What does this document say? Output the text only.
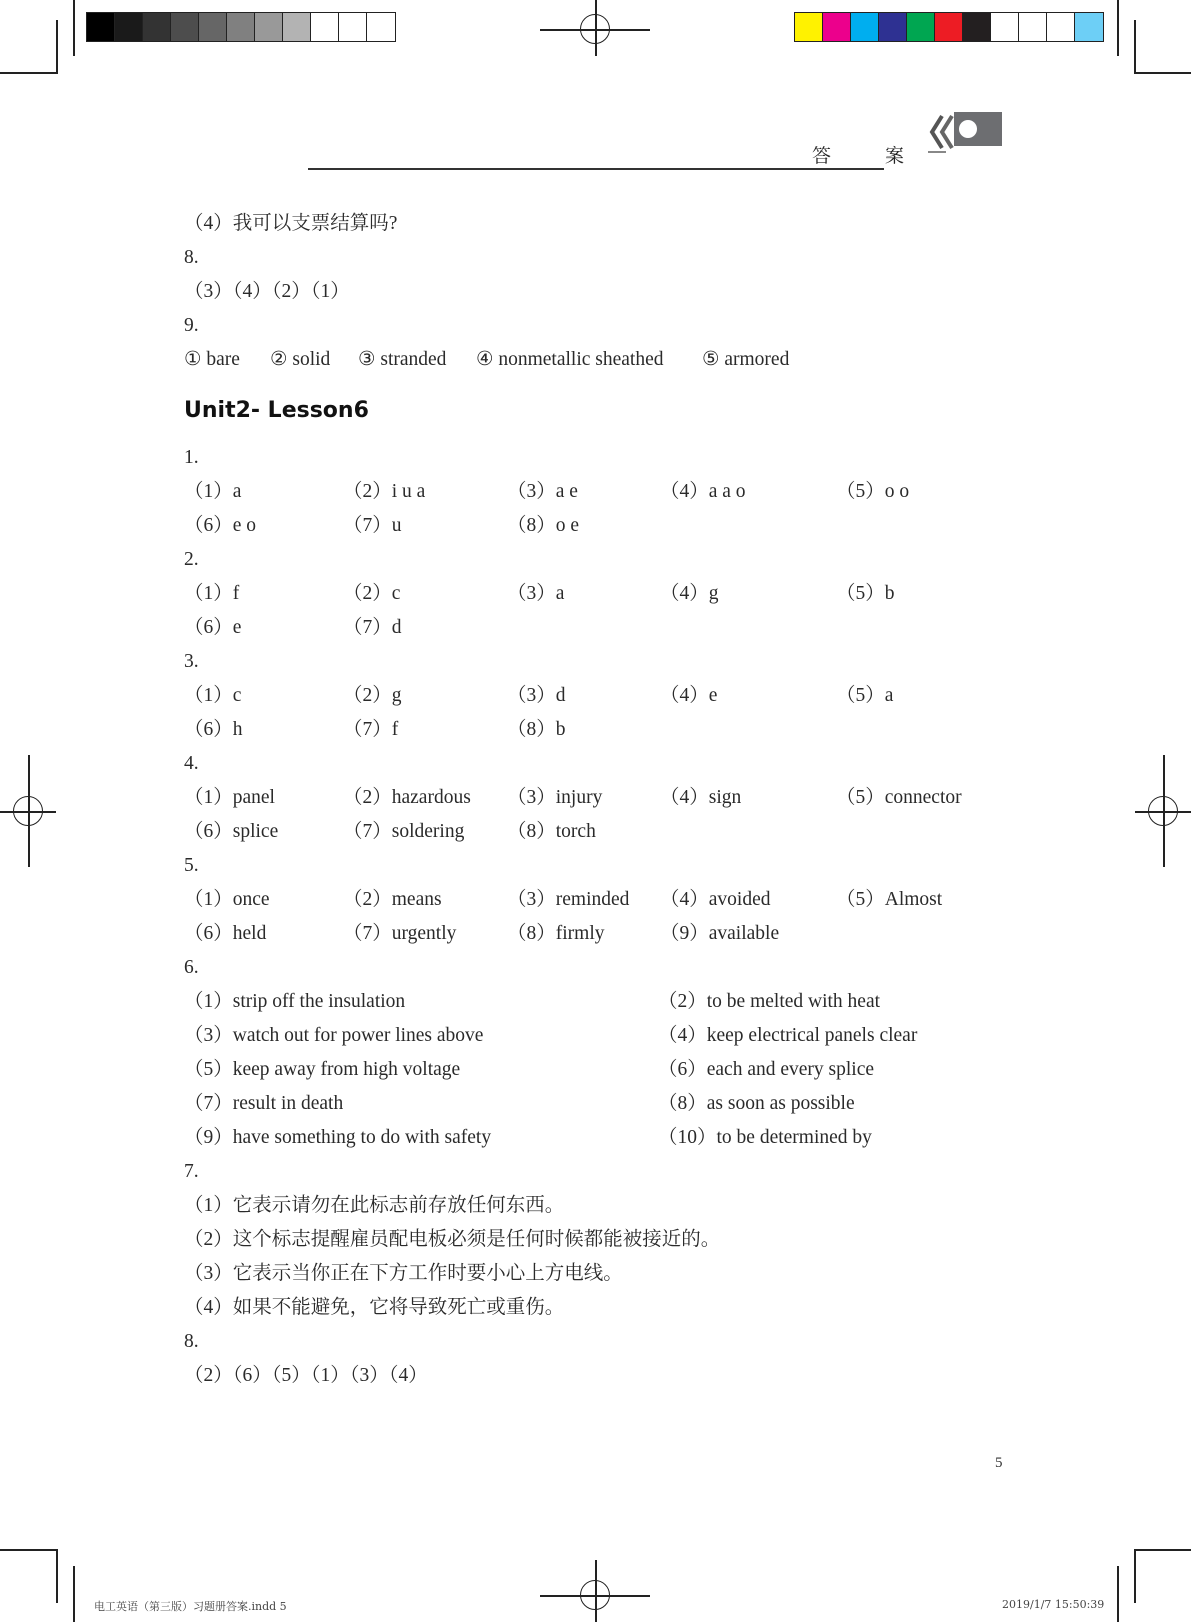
答 案
（4）我可以支票结算吗?
8.
（3）（4）（2）（1）
9.
① bare ② solid ③ stranded ④ nonmetallic sheathed ⑤ armored
Unit2- Lesson6
1.
（1）a	（2）i u a	（3）a e	（4）a a o	（5）o o
（6）e o	（7）u	（8）o e
2.
（1）f	（2）c	（3）a	（4）g	（5）b
（6）e	（7）d
3.
（1）c	（2）g	（3）d	（4）e	（5）a
（6）h	（7）f	（8）b
4.
（1）panel	（2）hazardous （3）injury	（4）sign	（5）connector
（6）splice	（7）soldering （8）torch
5.
（1）once	（2）means	（3）reminded （4）avoided	（5）Almost
（6）held	（7）urgently	（8）firmly	（9）available
6.
（1）strip off the insulation	（2）to be melted with heat
（3）watch out for power lines above	（4）keep electrical panels clear
（5）keep away from high voltage	（6）each and every splice
（7）result in death	（8）as soon as possible
（9）have something to do with safety	（10）to be determined by
7.
（1）它表示请勿在此标志前存放任何东西。
（2）这个标志提醒雇员配电板必须是任何时候都能被接近的。
（3）它表示当你正在下方工作时要小心上方电线。
（4）如果不能避免，它将导致死亡或重伤。
8.
（2）（6）（5）（1）（3）（4）
5
电工英语（第三版）习题册答案.indd 5	2019/1/7 15:50:39
